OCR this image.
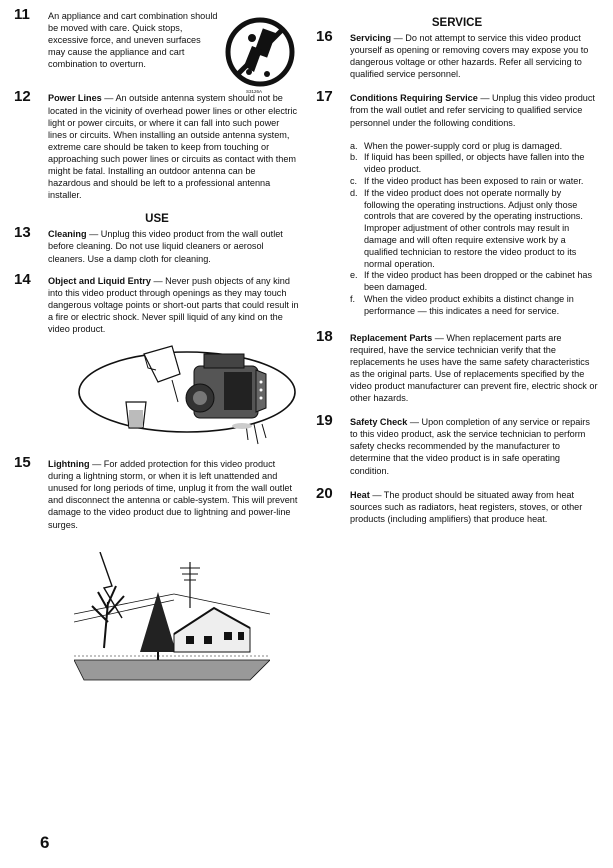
11 An appliance and cart combination should be moved with care. Quick stops, excessive force, and uneven surfaces may cause the appliance and cart combination to overturn.

12 Power Lines — An outside antenna system should not be located in the vicinity of overhead power lines or other electric light or power circuits, or where it can fall into such power lines or circuits. When installing an outside antenna system, extreme care should be taken to keep from touching or approaching such power lines or circuits as contact with them might be fatal. Installing an outdoor antenna can be hazardous and should be left to a professional antenna installer.

USE

13 Cleaning — Unplug this video product from the wall outlet before cleaning. Do not use liquid cleaners or aerosol cleaners. Use a damp cloth for cleaning.

14 Object and Liquid Entry — Never push objects of any kind into this video product through openings as they may touch dangerous voltage points or short-out parts that could result in a fire or electric shock. Never spill liquid of any kind on the video product.

15 Lightning — For added protection for this video product during a lightning storm, or when it is left unattended and unused for long periods of time, unplug it from the wall outlet and disconnect the antenna or cable-system. This will prevent damage to the video product due to lightning and power-line surges.

S3126A

SERVICE

16 Servicing — Do not attempt to service this video product yourself as opening or removing covers may expose you to dangerous voltage or other hazards. Refer all servicing to qualified service personnel.

17 Conditions Requiring Service — Unplug this video product from the wall outlet and refer servicing to qualified service personnel under the following conditions.
a. When the power-supply cord or plug is damaged.
b. If liquid has been spilled, or objects have fallen into the video product.
c. If the video product has been exposed to rain or water.
d. If the video product does not operate normally by following the operating instructions. Adjust only those controls that are covered by the operating instructions. Improper adjustment of other controls may result in damage and will often require extensive work by a qualified technician to restore the video product to its normal operation.
e. If the video product has been dropped or the cabinet has been damaged.
f. When the video product exhibits a distinct change in performance — this indicates a need for service.

18 Replacement Parts — When replacement parts are required, have the service technician verify that the replacements he uses have the same safety characteristics as the original parts. Use of replacements specified by the video product manufacturer can prevent fire, electric shock or other hazards.

19 Safety Check — Upon completion of any service or repairs to this video product, ask the service technician to perform safety checks recommended by the manufacturer to determine that the video product is in safe operating condition.

20 Heat — The product should be situated away from heat sources such as radiators, heat registers, stoves, or other products (including amplifiers) that produce heat.

6
